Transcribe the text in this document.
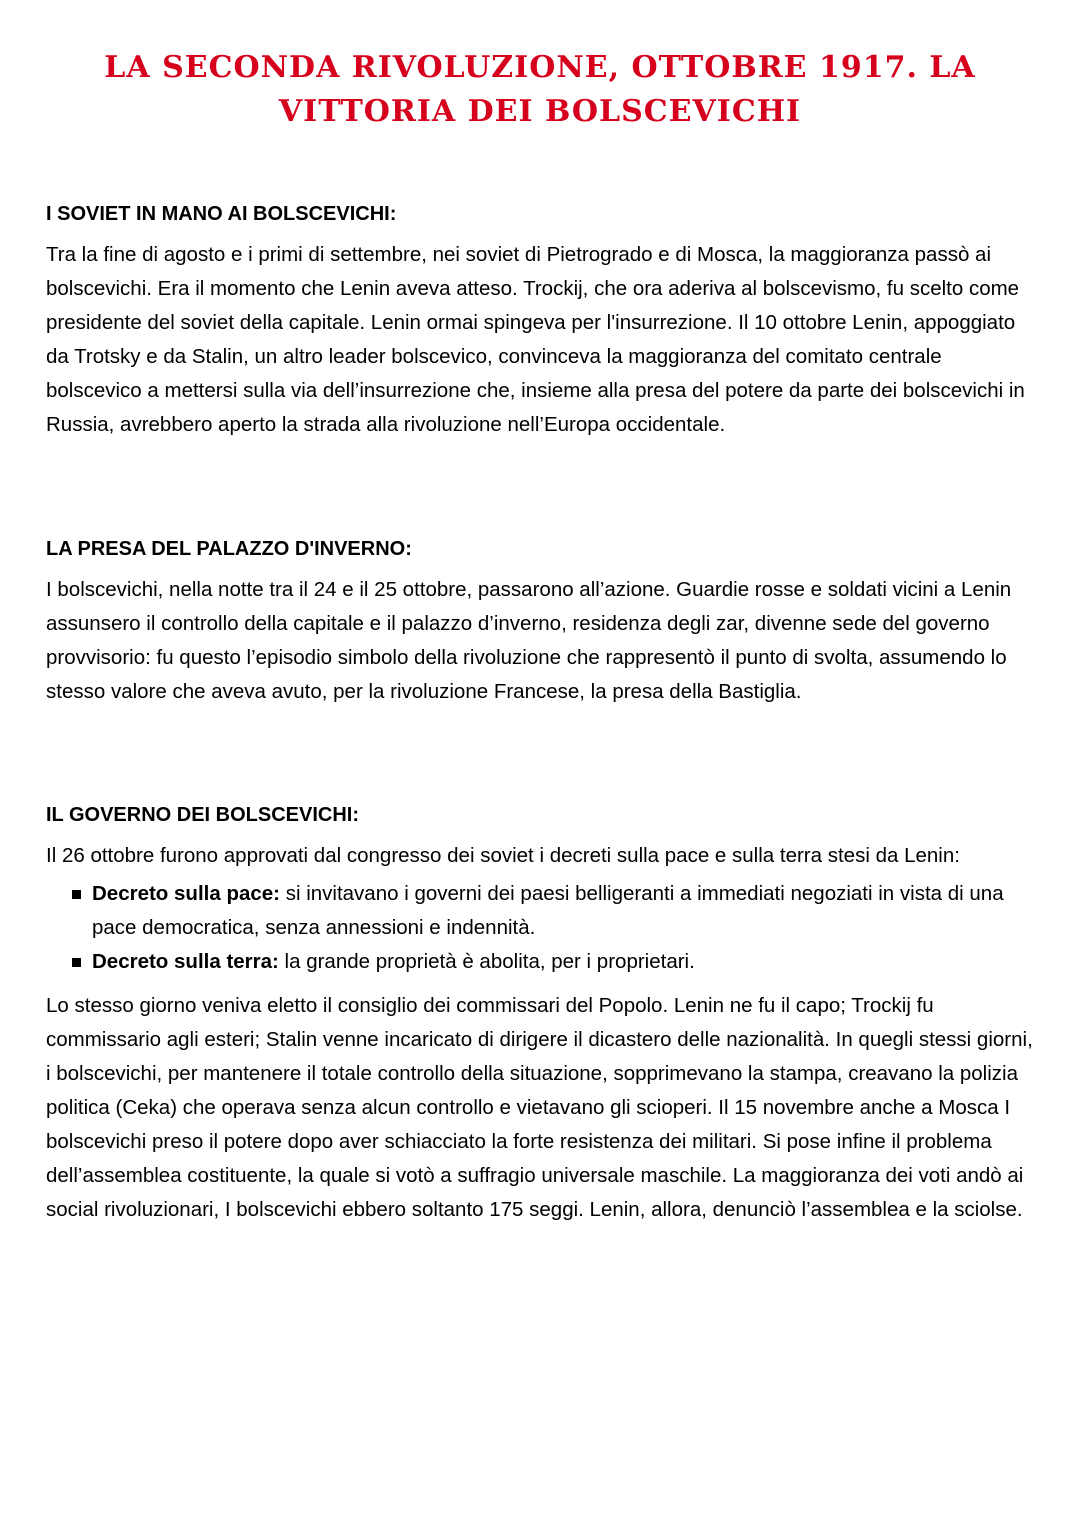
LA SECONDA RIVOLUZIONE, OTTOBRE 1917. LA VITTORIA DEI BOLSCEVICHI
I SOVIET IN MANO AI BOLSCEVICHI:

Tra la fine di agosto e i primi di settembre, nei soviet di Pietrogrado e di Mosca, la maggioranza passò ai bolscevichi. Era il momento che Lenin aveva atteso. Trockij, che ora aderiva al bolscevismo, fu scelto come presidente del soviet della capitale. Lenin ormai spingeva per l'insurrezione. Il 10 ottobre Lenin, appoggiato da Trotsky e da Stalin, un altro leader bolscevico, convinceva la maggioranza del comitato centrale bolscevico a mettersi sulla via dell’insurrezione che, insieme alla presa del potere da parte dei bolscevichi in Russia, avrebbero aperto la strada alla rivoluzione nell’Europa occidentale.

LA PRESA DEL PALAZZO D'INVERNO:

I bolscevichi, nella notte tra il 24 e il 25 ottobre, passarono all’azione. Guardie rosse e soldati vicini a Lenin assunsero il controllo della capitale e il palazzo d’inverno, residenza degli zar, divenne sede del governo provvisorio: fu questo l’episodio simbolo della rivoluzione che rappresentò il punto di svolta, assumendo lo stesso valore che aveva avuto, per la rivoluzione Francese, la presa della Bastiglia.

IL GOVERNO DEI BOLSCEVICHI:

Il 26 ottobre furono approvati dal congresso dei soviet i decreti sulla pace e sulla terra stesi da Lenin:

Decreto sulla pace: si invitavano i governi dei paesi belligeranti a immediati negoziati in vista di una pace democratica, senza annessioni e indennità.
Decreto sulla terra: la grande proprietà è abolita, per i proprietari.

Lo stesso giorno veniva eletto il consiglio dei commissari del Popolo. Lenin ne fu il capo; Trockij fu commissario agli esteri; Stalin venne incaricato di dirigere il dicastero delle nazionalità. In quegli stessi giorni, i bolscevichi, per mantenere il totale controllo della situazione, sopprimevano la stampa, creavano la polizia politica (Ceka) che operava senza alcun controllo e vietavano gli scioperi. Il 15 novembre anche a Mosca I bolscevichi preso il potere dopo aver schiacciato la forte resistenza dei militari. Si pose infine il problema dell’assemblea costituente, la quale si votò a suffragio universale maschile. La maggioranza dei voti andò ai social rivoluzionari, I bolscevichi ebbero soltanto 175 seggi. Lenin, allora, denunciò l’assemblea e la sciolse.
